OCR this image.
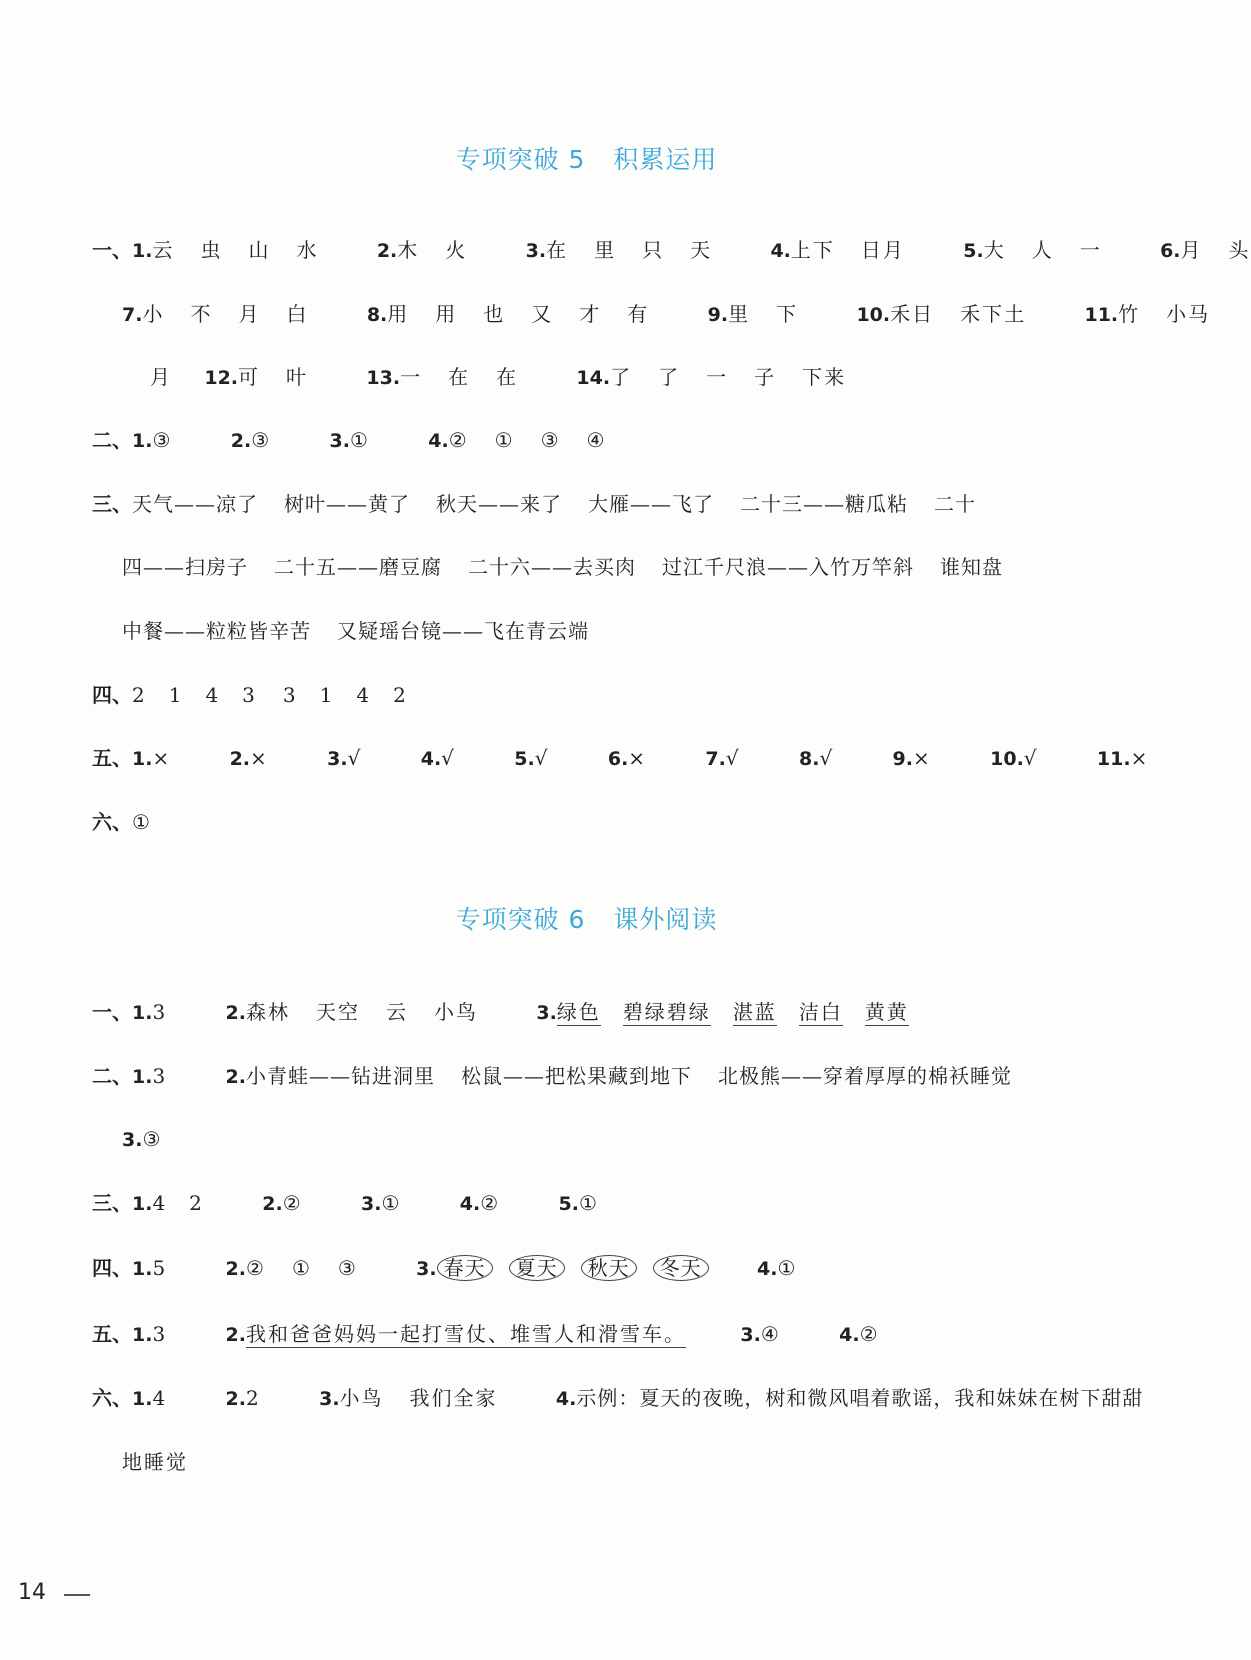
专项突破 5 积累运用
一、1.云 虫 山 水	2.木 火	3.在 里 只 天	4.上下 日月	5.大 人 一	6.月 头
7.小 不 月 白	8.用 用 也 又 才 有	9.里 下	10.禾日 禾下土	11.竹 小马
月 12.可 叶	13.一 在 在	14.了 了 一 子 下来
二、1.③	2.③	3.①	4.② ① ③ ④
三、天气——凉了 树叶——黄了 秋天——来了 大雁——飞了 二十三——糖瓜粘 二十
四——扫房子 二十五——磨豆腐 二十六——去买肉 过江千尺浪——入竹万竿斜 谁知盘
中餐——粒粒皆辛苦 又疑瑶台镜——飞在青云端
四、2　1　4　3 3　1　4　2
五、1.×	2.×	3.√	4.√	5.√	6.×	7.√	8.√	9.×	10.√	11.×
六、①
专项突破 6 课外阅读
一、1.3	2.森林 天空 云 小鸟	3.绿色 碧绿碧绿 湛蓝 洁白 黄黄
二、1.3	2.小青蛙——钻进洞里 松鼠——把松果藏到地下 北极熊——穿着厚厚的棉袄睡觉
3.③
三、1.4　2	2.②	3.①	4.②	5.①
四、1.5	2.② ① ③	3. 春天 夏天 秋天 冬天	4.①
五、1.3	2.我和爸爸妈妈一起打雪仗、堆雪人和滑雪车。	3.④	4.②
六、1.4	2.2	3.小鸟 我们全家	4.示例：夏天的夜晚，树和微风唱着歌谣，我和妹妹在树下甜甜
地睡觉
14
